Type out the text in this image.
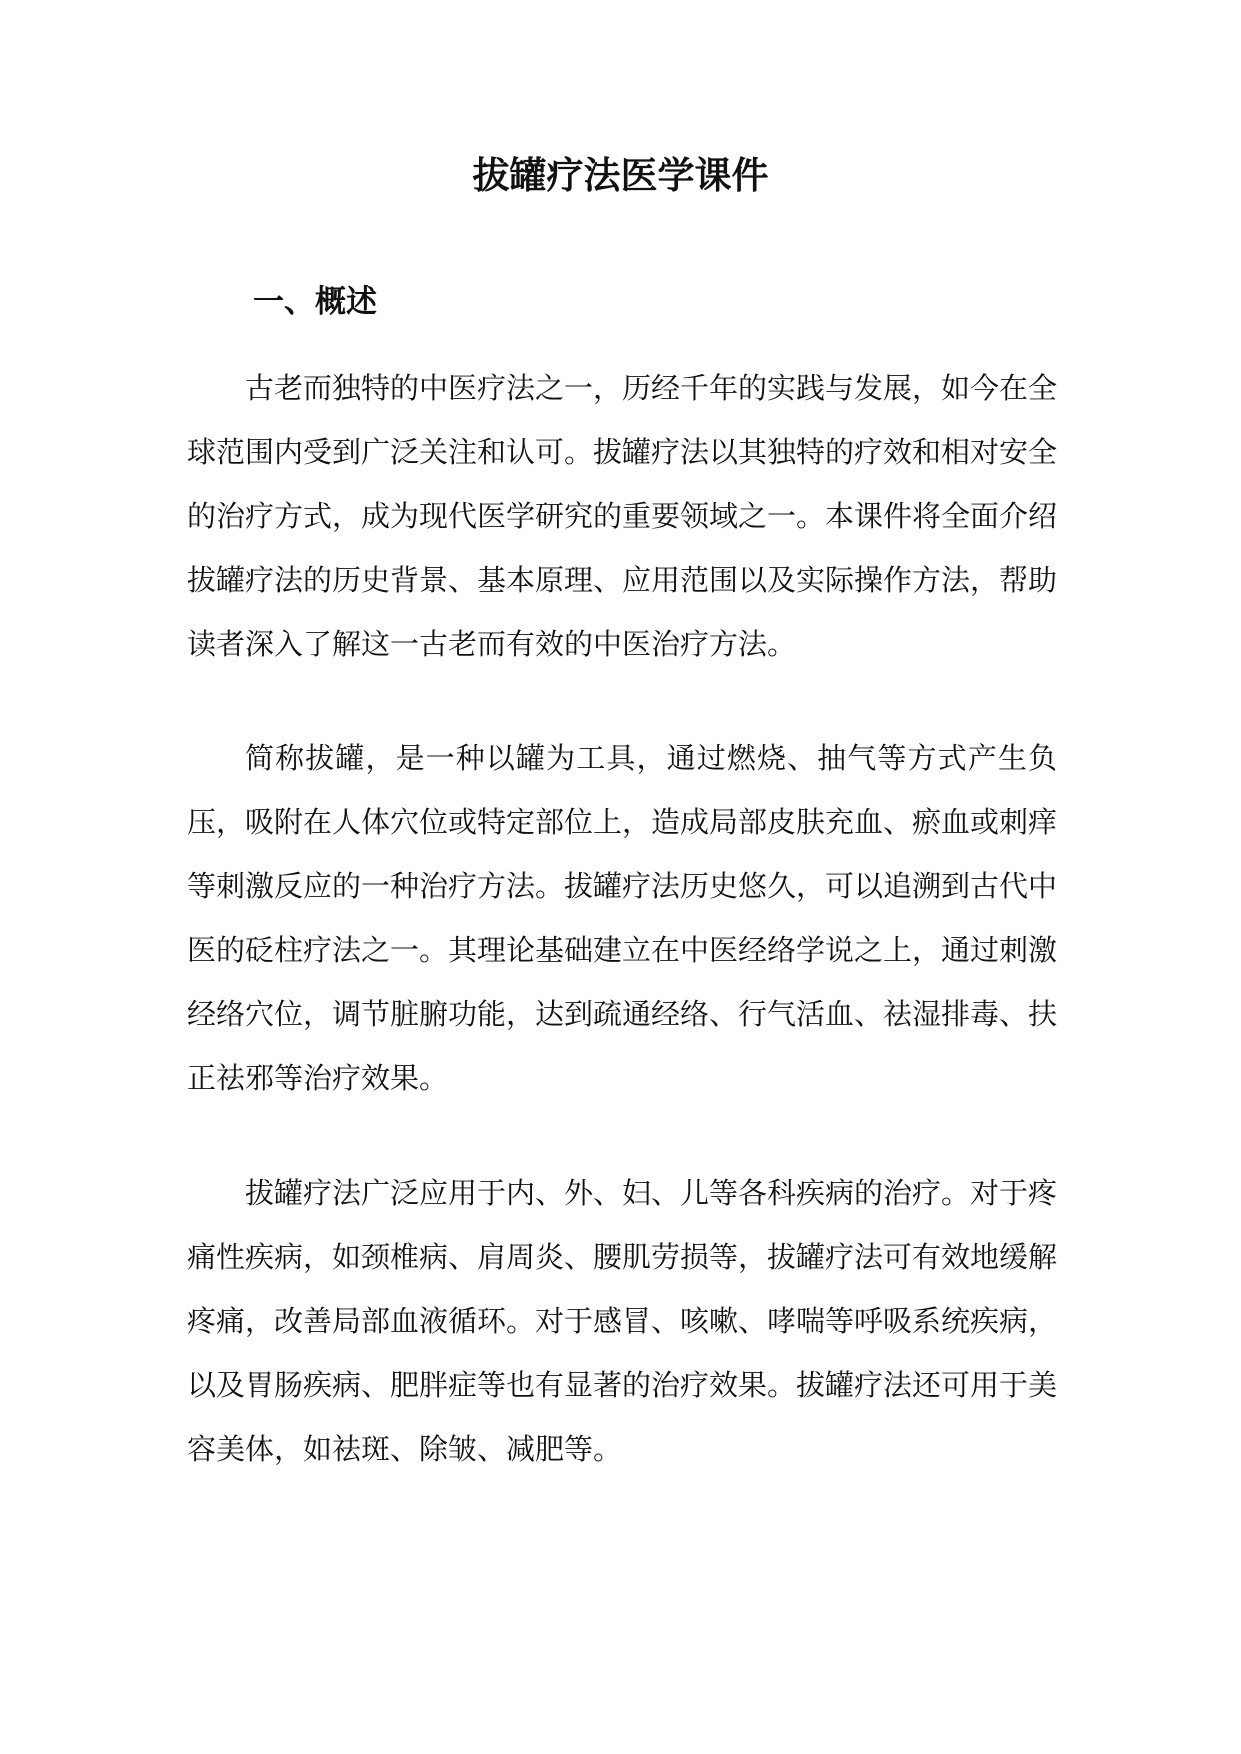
拔罐疗法医学课件
一、概述

古老而独特的中医疗法之一，历经千年的实践与发展，如今在全球范围内受到广泛关注和认可。拔罐疗法以其独特的疗效和相对安全的治疗方式，成为现代医学研究的重要领域之一。本课件将全面介绍拔罐疗法的历史背景、基本原理、应用范围以及实际操作方法，帮助读者深入了解这一古老而有效的中医治疗方法。

简称拔罐，是一种以罐为工具，通过燃烧、抽气等方式产生负压，吸附在人体穴位或特定部位上，造成局部皮肤充血、瘀血或刺痒等刺激反应的一种治疗方法。拔罐疗法历史悠久，可以追溯到古代中医的砭柱疗法之一。其理论基础建立在中医经络学说之上，通过刺激经络穴位，调节脏腑功能，达到疏通经络、行气活血、祛湿排毒、扶正祛邪等治疗效果。

拔罐疗法广泛应用于内、外、妇、儿等各科疾病的治疗。对于疼痛性疾病，如颈椎病、肩周炎、腰肌劳损等，拔罐疗法可有效地缓解疼痛，改善局部血液循环。对于感冒、咳嗽、哮喘等呼吸系统疾病，以及胃肠疾病、肥胖症等也有显著的治疗效果。拔罐疗法还可用于美容美体，如祛斑、除皱、减肥等。
